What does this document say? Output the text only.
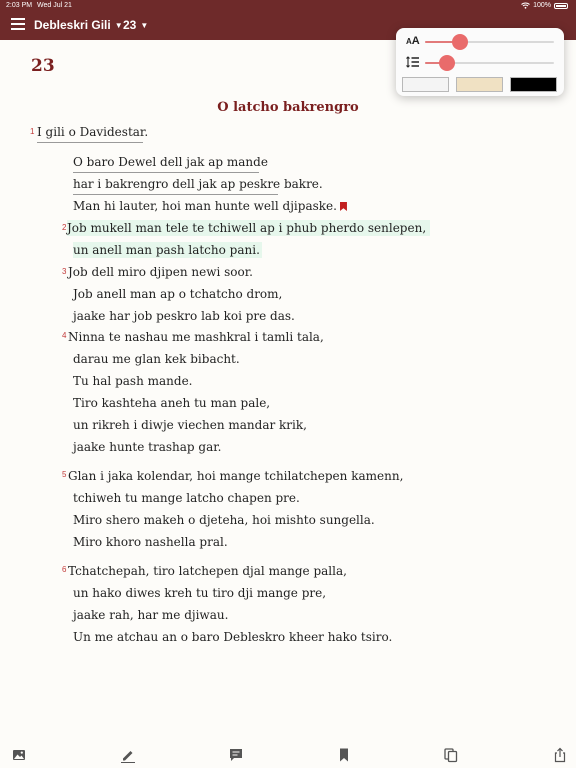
2:03 PM Wed Jul 21	100%
Debleskri Gili ▼ 23 ▼
23
O latcho bakrengro
1 I gili o Davidestar.
O baro Dewel dell jak ap mande
har i bakrengro dell jak ap peskre bakre.
Man hi lauter, hoi man hunte well djipaske.
2 Job mukell man tele te tchiwell ap i phub pherdo senlepen,
un anell man pash latcho pani.
3 Job dell miro djipen newi soor.
Job anell man ap o tchatcho drom,
jaake har job peskro lab koi pre das.
4 Ninna te nashau me mashkral i tamli tala,
darau me glan kek bibacht.
Tu hal pash mande.
Tiro kashteha aneh tu man pale,
un rikreh i diwje viechen mandar krik,
jaake hunte trashap gar.
5 Glan i jaka kolendar, hoi mange tchilatchepen kamenn,
tchiweh tu mange latcho chapen pre.
Miro shero makeh o djeteha, hoi mishto sungella.
Miro khoro nashella pral.
6 Tchatchepah, tiro latchepen djal mange palla,
un hako diwes kreh tu tiro dji mange pre,
jaake rah, har me djiwau.
Un me atchau an o baro Debleskro kheer hako tsiro.
AA
